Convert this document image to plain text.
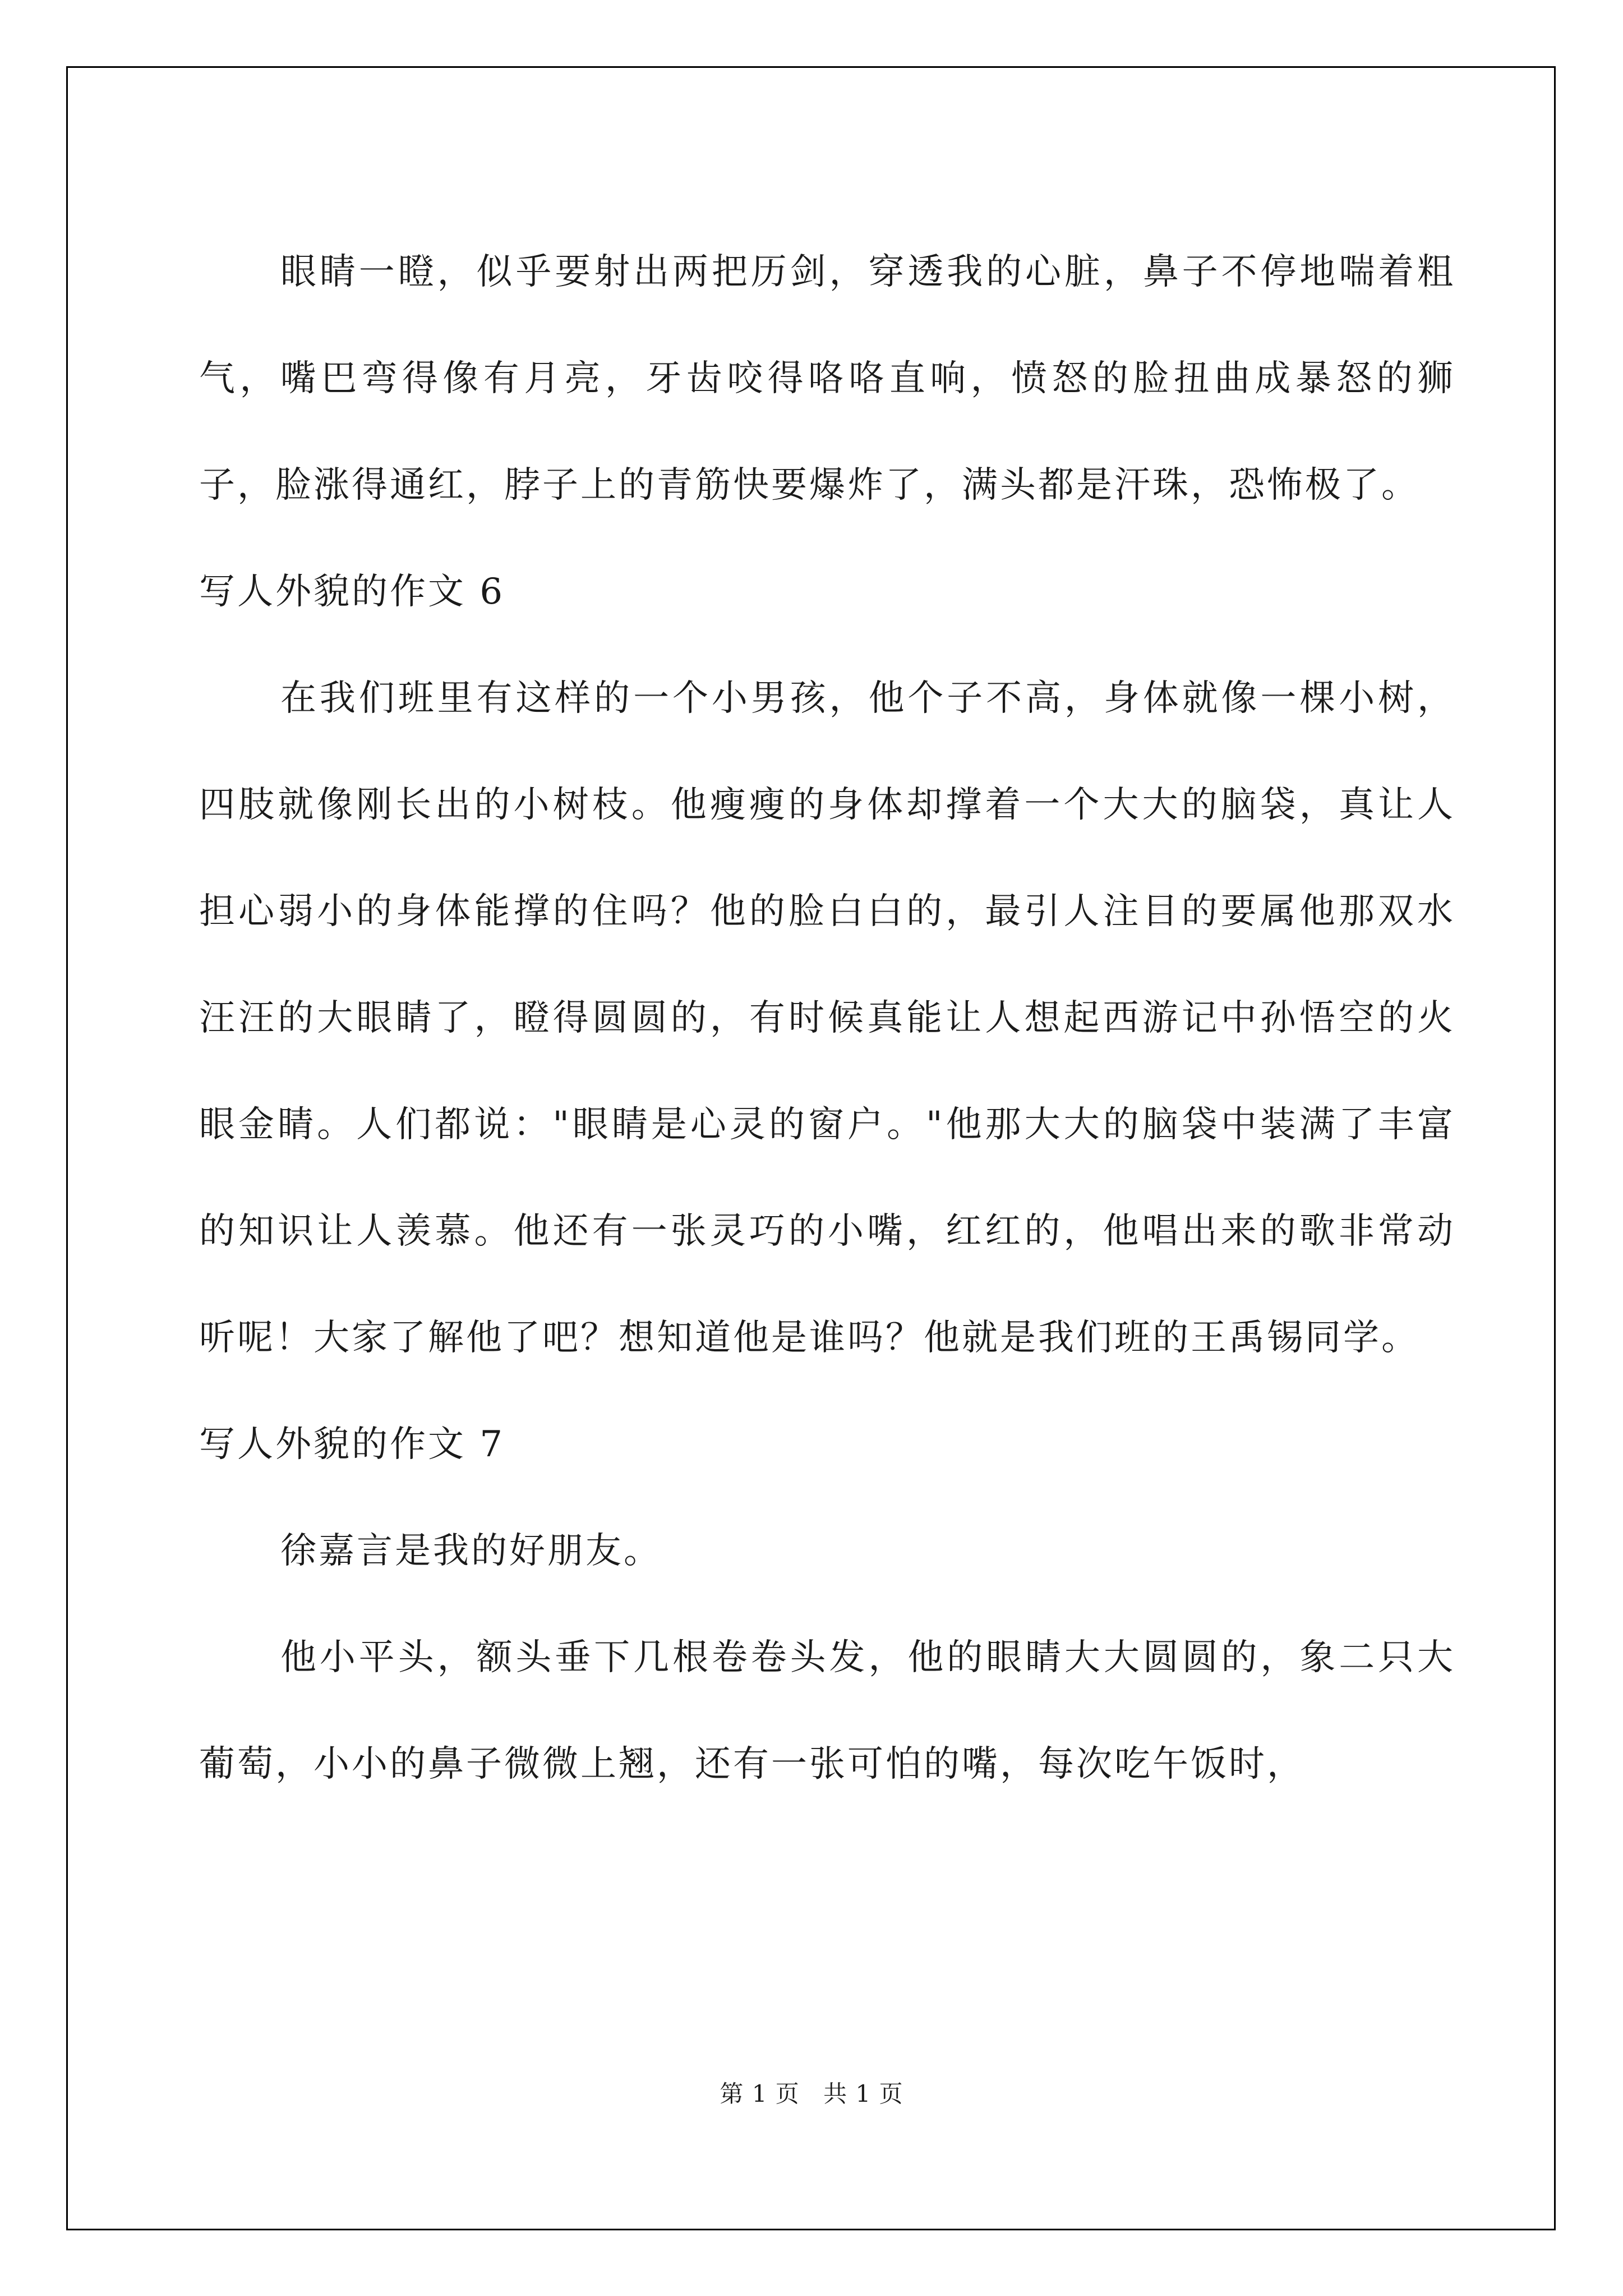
眼睛一瞪，似乎要射出两把历剑，穿透我的心脏，鼻子不停地喘着粗气，嘴巴弯得像有月亮，牙齿咬得咯咯直响，愤怒的脸扭曲成暴怒的狮子，脸涨得通红，脖子上的青筋快要爆炸了，满头都是汗珠，恐怖极了。

写人外貌的作文 6

在我们班里有这样的一个小男孩，他个子不高，身体就像一棵小树，四肢就像刚长出的小树枝。他瘦瘦的身体却撑着一个大大的脑袋，真让人担心弱小的身体能撑的住吗？他的脸白白的，最引人注目的要属他那双水汪汪的大眼睛了，瞪得圆圆的，有时候真能让人想起西游记中孙悟空的火眼金睛。人们都说："眼睛是心灵的窗户。"他那大大的脑袋中装满了丰富的知识让人羡慕。他还有一张灵巧的小嘴，红红的，他唱出来的歌非常动听呢！大家了解他了吧？想知道他是谁吗？他就是我们班的王禹锡同学。

写人外貌的作文 7

徐嘉言是我的好朋友。

他小平头，额头垂下几根卷卷头发，他的眼睛大大圆圆的，象二只大葡萄，小小的鼻子微微上翘，还有一张可怕的嘴，每次吃午饭时，

第 1 页 共 1 页
